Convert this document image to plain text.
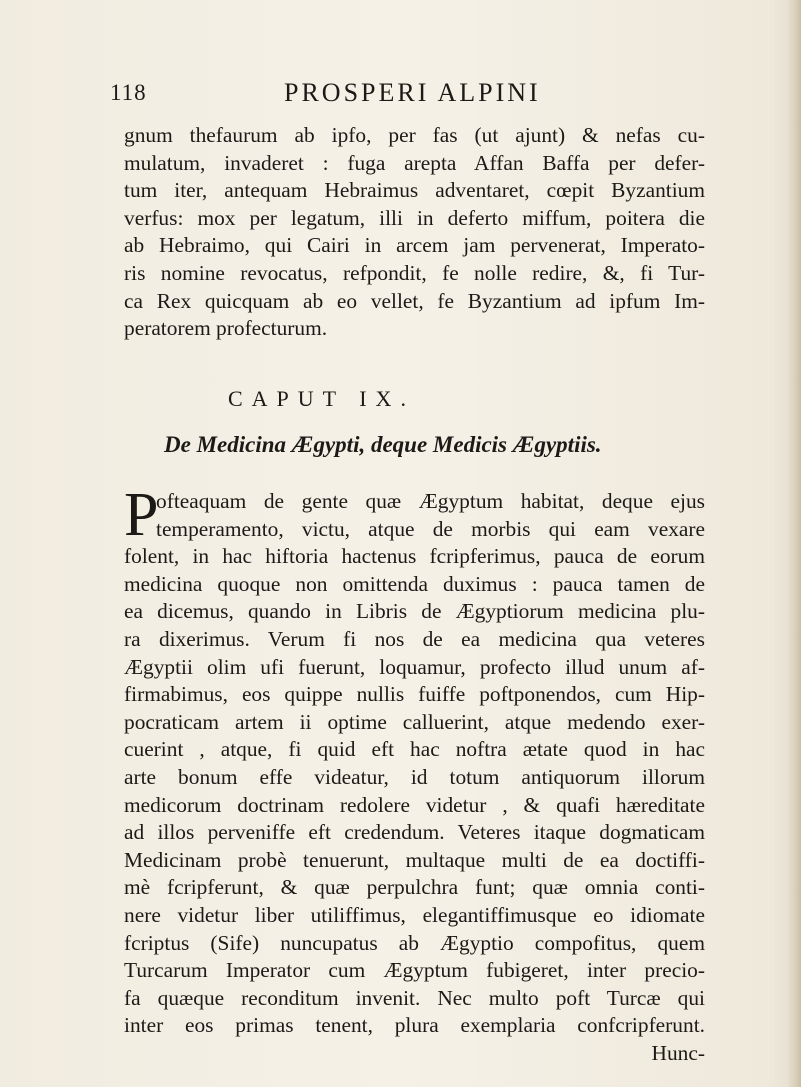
118	PROSPERI ALPINI
gnum thefaurum ab ipfo, per fas (ut ajunt) & nefas cu-
mulatum, invaderet : fuga arepta Affan Baffa per defer-
tum iter, antequam Hebraimus adventaret, cœpit Byzantium
verfus: mox per legatum, illi in deferto miffum, poitera die
ab Hebraimo, qui Cairi in arcem jam pervenerat, Imperato-
ris nomine revocatus, refpondit, fe nolle redire, &, fi Tur-
ca Rex quicquam ab eo vellet, fe Byzantium ad ipfum Im-
peratorem profecturum.
CAPUT IX.
De Medicina Ægypti, deque Medicis Ægyptiis.
P
ofteaquam de gente quæ Ægyptum habitat, deque ejus
temperamento, victu, atque de morbis qui eam vexare
folent, in hac hiftoria hactenus fcripferimus, pauca de eorum
medicina quoque non omittenda duximus : pauca tamen de
ea dicemus, quando in Libris de Ægyptiorum medicina plu-
ra dixerimus. Verum fi nos de ea medicina qua veteres
Ægyptii olim ufi fuerunt, loquamur, profecto illud unum af-
firmabimus, eos quippe nullis fuiffe poftponendos, cum Hip-
pocraticam artem ii optime calluerint, atque medendo exer-
cuerint , atque, fi quid eft hac noftra ætate quod in hac
arte bonum effe videatur, id totum antiquorum illorum
medicorum doctrinam redolere videtur , & quafi hæreditate
ad illos perveniffe eft credendum. Veteres itaque dogmaticam
Medicinam probè tenuerunt, multaque multi de ea doctiffi-
mè fcripferunt, & quæ perpulchra funt; quæ omnia conti-
nere videtur liber utiliffimus, elegantiffimusque eo idiomate
fcriptus (Sife) nuncupatus ab Ægyptio compofitus, quem
Turcarum Imperator cum Ægyptum fubigeret, inter precio-
fa quæque reconditum invenit. Nec multo poft Turcæ qui
inter eos primas tenent, plura exemplaria confcripferunt.
Hunc-
